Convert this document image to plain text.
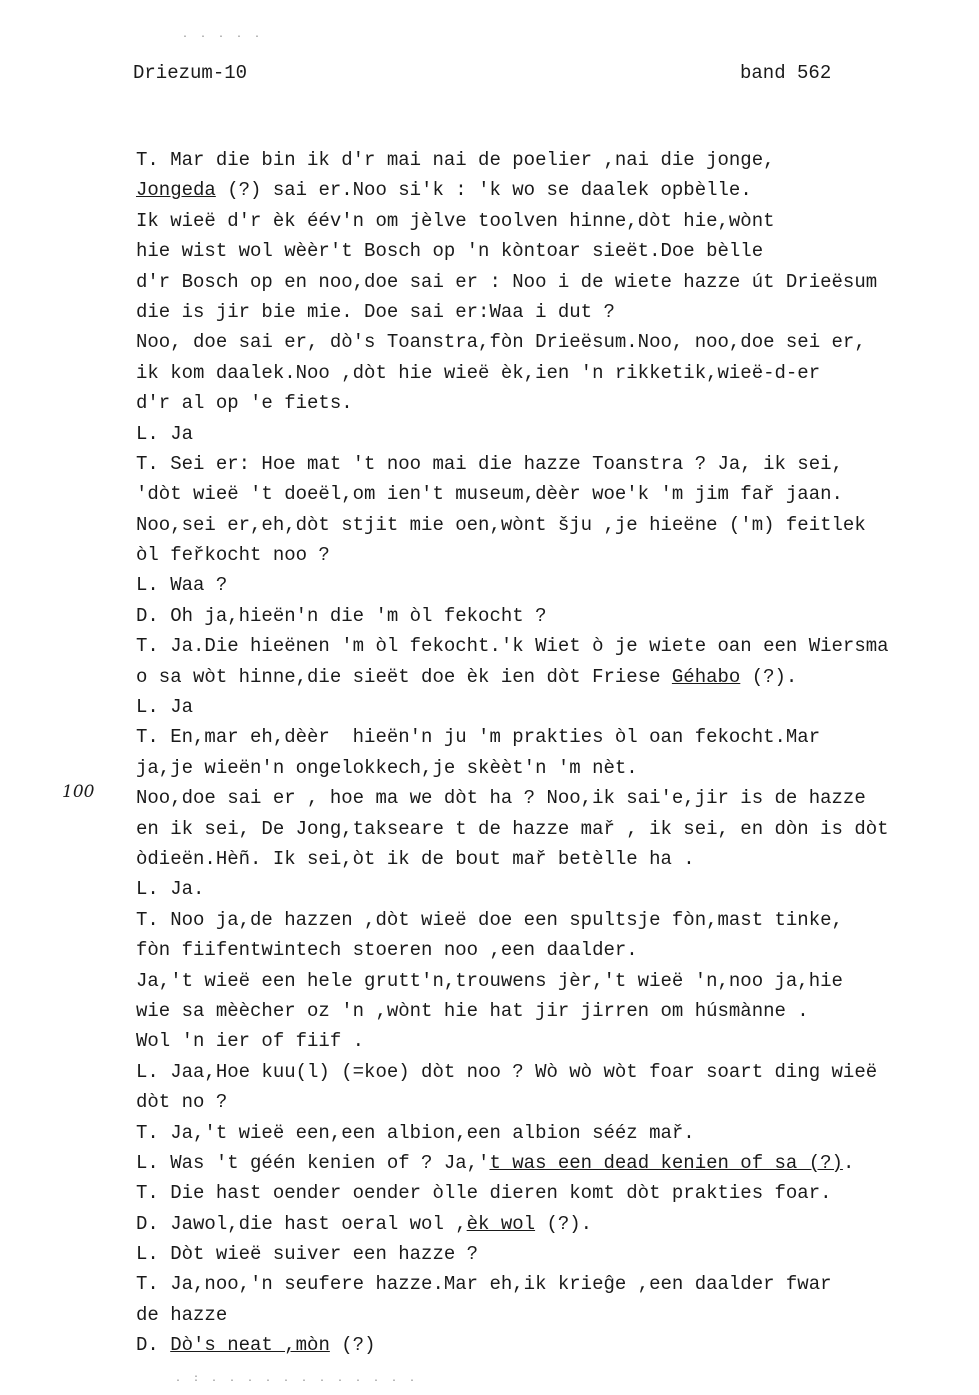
. . . . .
Driezum-10	band 562
100
T. Mar die bin ik d'r mai nai de poelier ,nai die jonge,
Jongeda (?) sai er.Noo si'k : 'k wo se daalek opbèlle.
Ik wieë d'r èk éév'n om jèlve toolven hinne,dòt hie,wònt
hie wist wol wèèr't Bosch op 'n kòntoar sieët.Doe bèlle
d'r Bosch op en noo,doe sai er : Noo i de wiete hazze út Drieësum
die is jir bie mie. Doe sai er:Waa i dut ?
Noo, doe sai er, dò's Toanstra,fòn Drieësum.Noo, noo,doe sei er,
ik kom daalek.Noo ,dòt hie wieë èk,ien 'n rikketik,wieë-d-er
d'r al op 'e fiets.
L. Ja
T. Sei er: Hoe mat 't noo mai die hazze Toanstra ? Ja, ik sei,
'dòt wieë 't doeël,om ien't museum,dèèr woe'k 'm jim fař jaan.
Noo,sei er,eh,dòt stjit mie oen,wònt šju ,je hieëne ('m) feitlek
òl feřkocht noo ?
L. Waa ?
D. Oh ja,hieën'n die 'm òl fekocht ?
T. Ja.Die hieënen 'm òl fekocht.'k Wiet ò je wiete oan een Wiersma
o sa wòt hinne,die sieët doe èk ien dòt Friese Géhabo (?).
L. Ja
T. En,mar eh,dèèr  hieën'n ju 'm prakties òl oan fekocht.Mar
ja,je wieën'n ongelokkech,je skèèt'n 'm nèt.
Noo,doe sai er , hoe ma we dòt ha ? Noo,ik sai'e,jir is de hazze
en ik sei, De Jong,takseare t de hazze mař , ik sei, en dòn is dòt
òdieën.Hèñ. Ik sei,òt ik de bout mař betèlle ha .
L. Ja.
T. Noo ja,de hazzen ,dòt wieë doe een spultsje fòn,mast tinke,
fòn fiifentwintech stoeren noo ,een daalder.
Ja,'t wieë een hele grutt'n,trouwens jèr,'t wieë 'n,noo ja,hie
wie sa mèècher oz 'n ,wònt hie hat jir jirren om húsmànne .
Wol 'n ier of fiif .
L. Jaa,Hoe kuu(l) (=koe) dòt noo ? Wò wò wòt foar soart ding wieë
dòt no ?
T. Ja,'t wieë een,een albion,een albion sééz mař.
L. Was 't géén kenien of ? Ja,'t was een dead kenien of sa (?).
T. Die hast oender oender òlle dieren komt dòt prakties foar.
D. Jawol,die hast oeral wol ,èk wol (?).
L. Dòt wieë suiver een hazze ?
T. Ja,noo,'n seufere hazze.Mar eh,ik krieĝe ,een daalder fwar
de hazze
D. Dò's neat ,mòn (?)
. : . . . . . . . . . . . .
